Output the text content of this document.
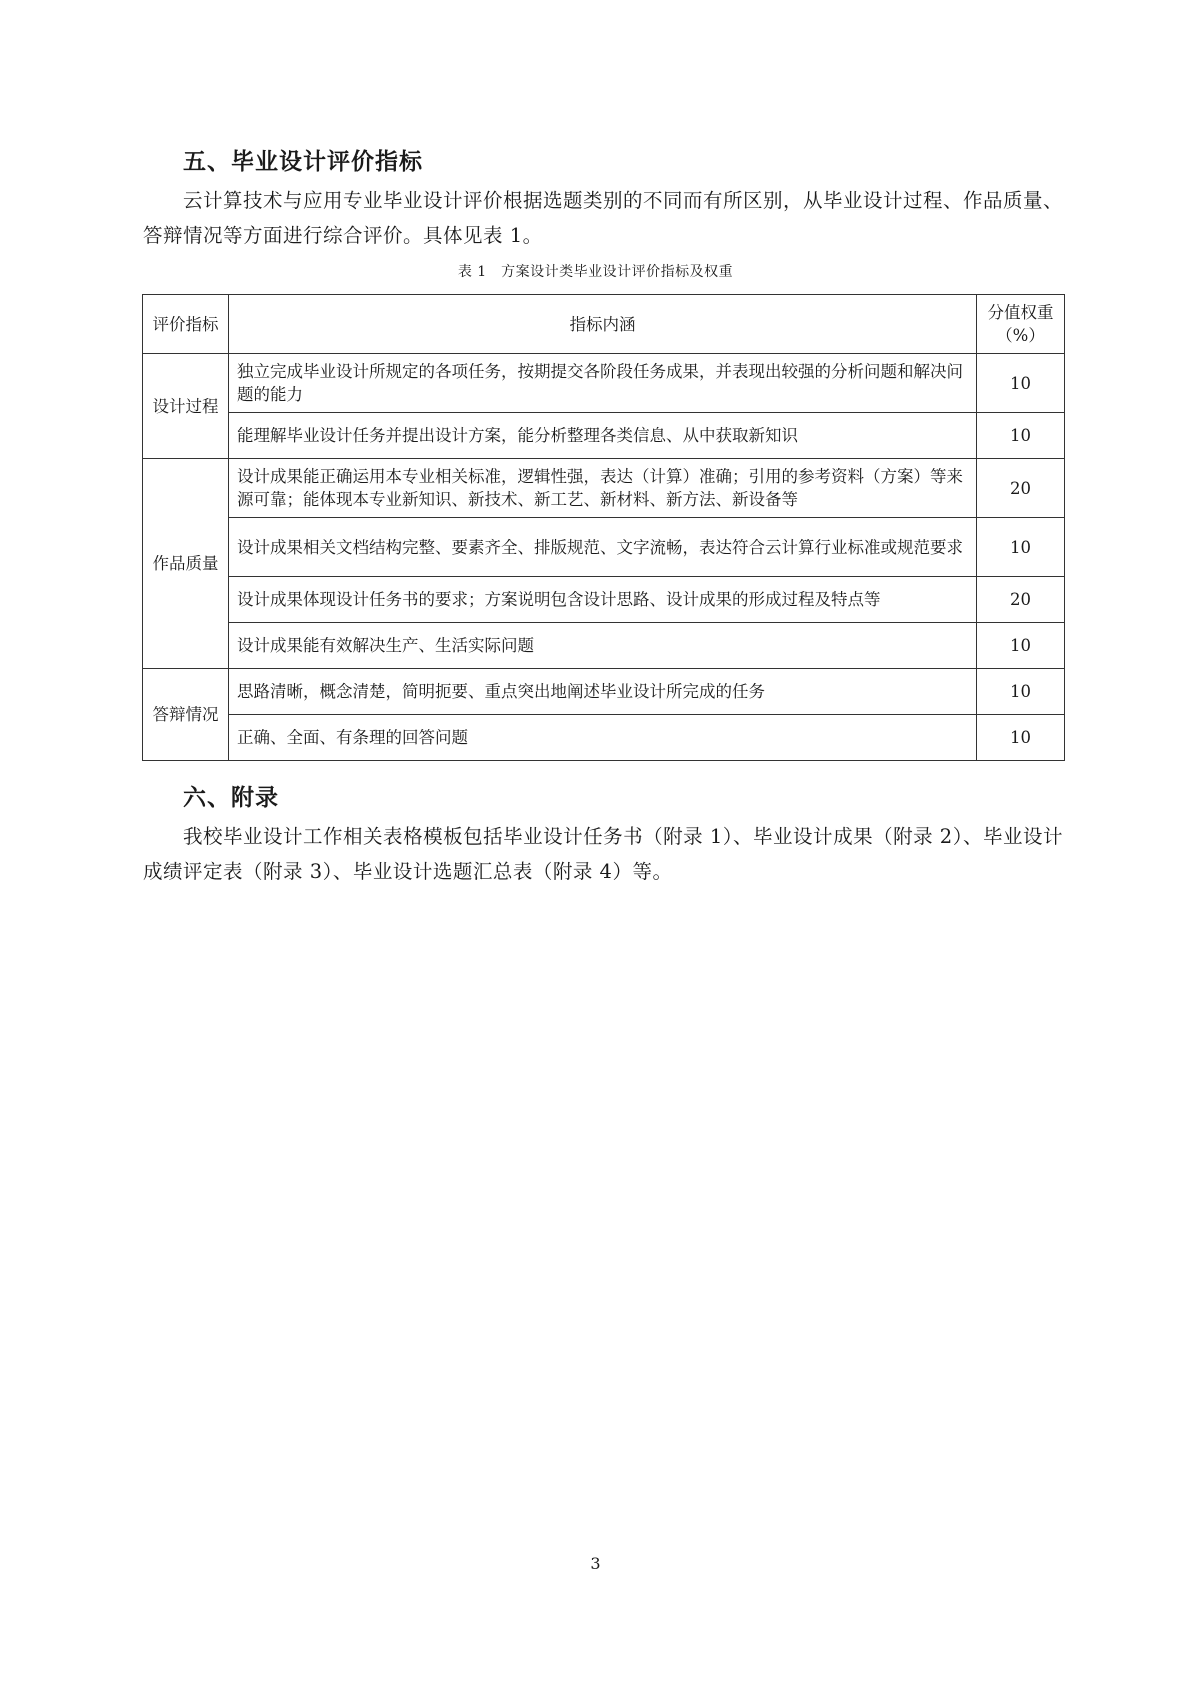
五、毕业设计评价指标

云计算技术与应用专业毕业设计评价根据选题类别的不同而有所区别，从毕业设计过程、作品质量、答辩情况等方面进行综合评价。具体见表 1。

表 1　方案设计类毕业设计评价指标及权重

评价指标	指标内涵	分值权重（%）
设计过程	独立完成毕业设计所规定的各项任务，按期提交各阶段任务成果，并表现出较强的分析问题和解决问题的能力	10
	能理解毕业设计任务并提出设计方案，能分析整理各类信息、从中获取新知识	10
作品质量	设计成果能正确运用本专业相关标准，逻辑性强，表达（计算）准确；引用的参考资料（方案）等来源可靠；能体现本专业新知识、新技术、新工艺、新材料、新方法、新设备等	20
	设计成果相关文档结构完整、要素齐全、排版规范、文字流畅，表达符合云计算行业标准或规范要求	10
	设计成果体现设计任务书的要求；方案说明包含设计思路、设计成果的形成过程及特点等	20
	设计成果能有效解决生产、生活实际问题	10
答辩情况	思路清晰，概念清楚，简明扼要、重点突出地阐述毕业设计所完成的任务	10
	正确、全面、有条理的回答问题	10
六、附录

我校毕业设计工作相关表格模板包括毕业设计任务书（附录 1）、毕业设计成果（附录 2）、毕业设计成绩评定表（附录 3）、毕业设计选题汇总表（附录 4）等。

3
